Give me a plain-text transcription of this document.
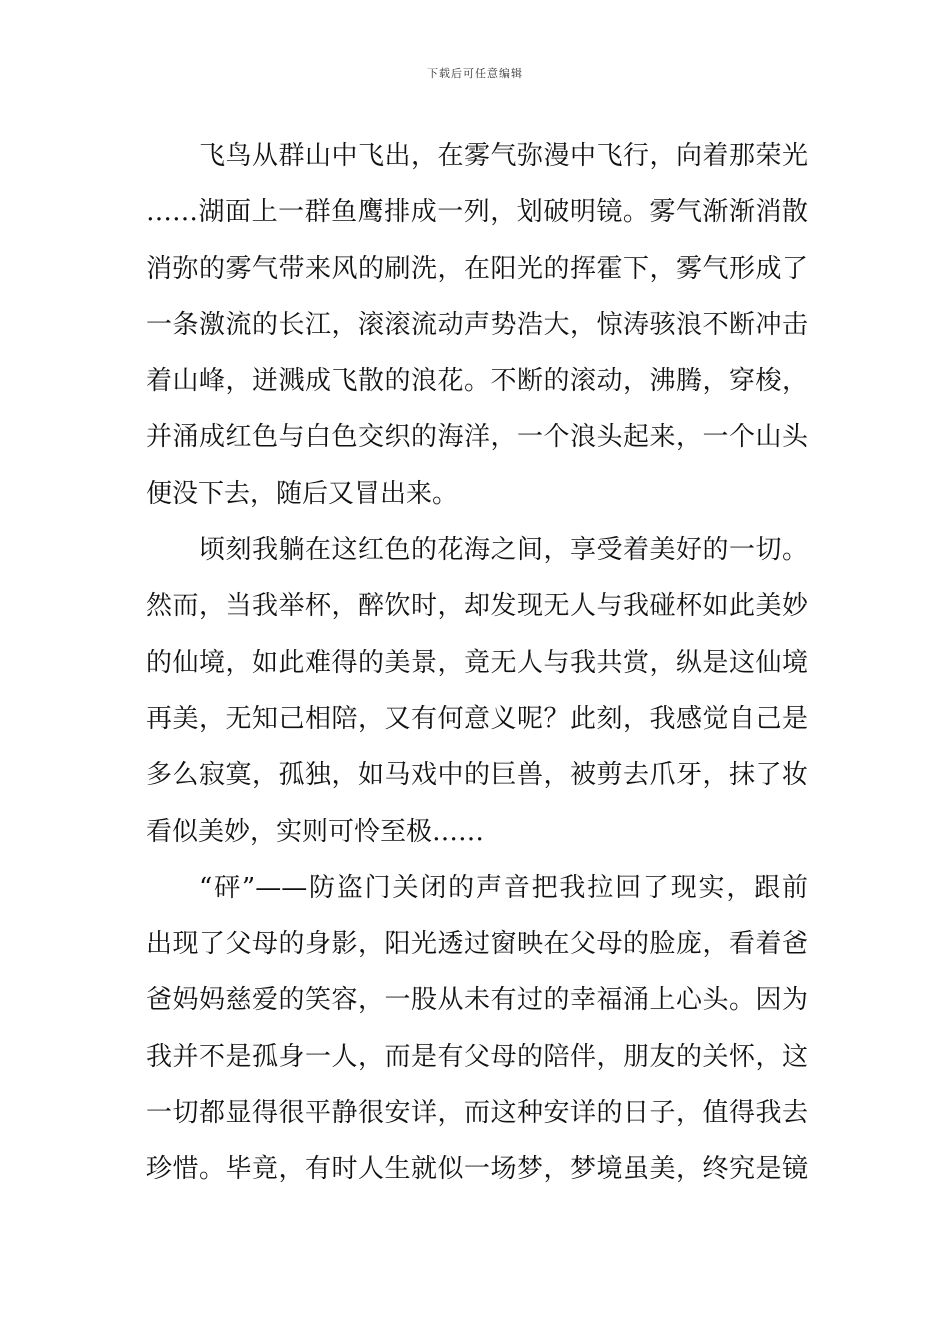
下载后可任意编辑
飞鸟从群山中飞出，在雾气弥漫中飞行，向着那荣光
……湖面上一群鱼鹰排成一列，划破明镜。雾气渐渐消散
消弥的雾气带来风的刷洗，在阳光的挥霍下，雾气形成了
一条激流的长江，滚滚流动声势浩大，惊涛骇浪不断冲击
着山峰，迸溅成飞散的浪花。不断的滚动，沸腾，穿梭，
并涌成红色与白色交织的海洋，一个浪头起来，一个山头
便没下去，随后又冒出来。
顷刻我躺在这红色的花海之间，享受着美好的一切。
然而，当我举杯，醉饮时，却发现无人与我碰杯如此美妙
的仙境，如此难得的美景，竟无人与我共赏，纵是这仙境
再美，无知己相陪，又有何意义呢？此刻，我感觉自己是
多么寂寞，孤独，如马戏中的巨兽，被剪去爪牙，抹了妆
看似美妙，实则可怜至极……
“砰”——防盗门关闭的声音把我拉回了现实，跟前
出现了父母的身影，阳光透过窗映在父母的脸庞，看着爸
爸妈妈慈爱的笑容，一股从未有过的幸福涌上心头。因为
我并不是孤身一人，而是有父母的陪伴，朋友的关怀，这
一切都显得很平静很安详，而这种安详的日子，值得我去
珍惜。毕竟，有时人生就似一场梦，梦境虽美，终究是镜
